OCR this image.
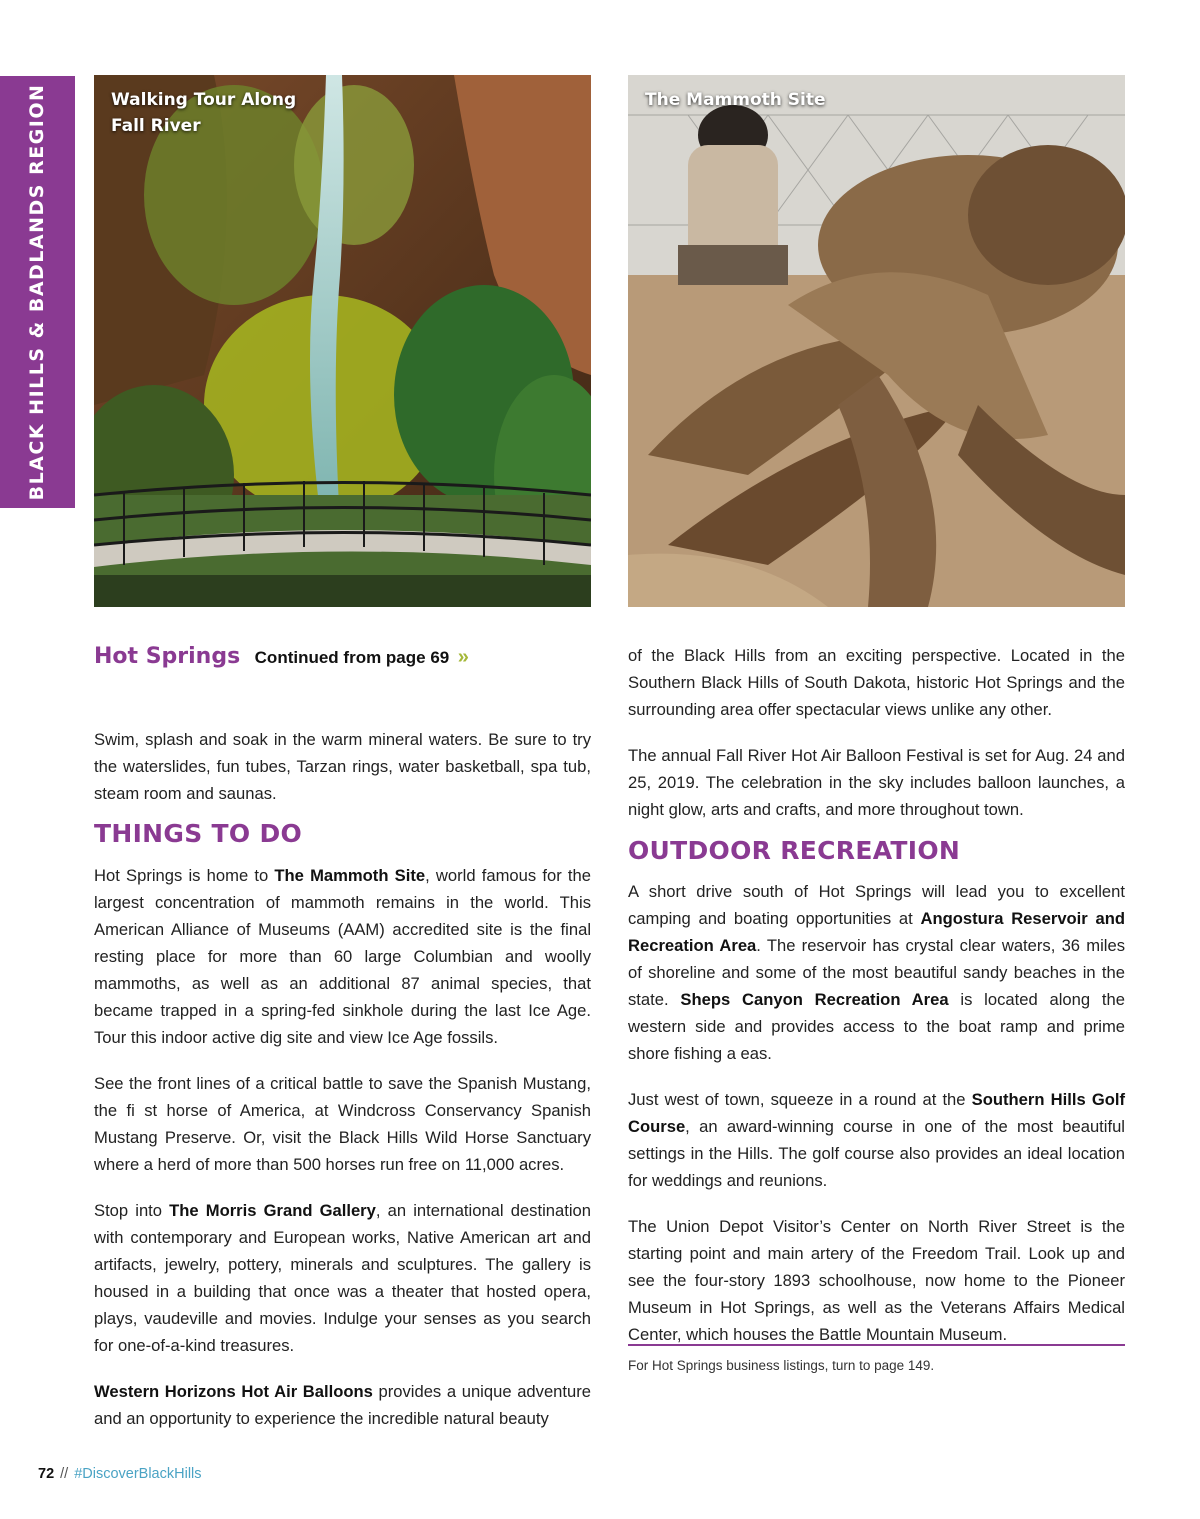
BLACK HILLS & BADLANDS REGION	Walking Tour Along
Fall River
The Mammoth Site
Hot Springs Continued from page 69 »

Swim, splash and soak in the warm mineral waters. Be sure to try the waterslides, fun tubes, Tarzan rings, water basketball, spa tub, steam room and saunas.

THINGS TO DO

Hot Springs is home to The Mammoth Site, world famous for the largest concentration of mammoth remains in the world. This American Alliance of Museums (AAM) accredited site is the final resting place for more than 60 large Columbian and woolly mammoths, as well as an additional 87 animal species, that became trapped in a spring-fed sinkhole during the last Ice Age. Tour this indoor active dig site and view Ice Age fossils.

See the front lines of a critical battle to save the Spanish Mustang, the fi st horse of America, at Windcross Conservancy Spanish Mustang Preserve. Or, visit the Black Hills Wild Horse Sanctuary where a herd of more than 500 horses run free on 11,000 acres.

Stop into The Morris Grand Gallery, an international destination with contemporary and European works, Native American art and artifacts, jewelry, pottery, minerals and sculptures. The gallery is housed in a building that once was a theater that hosted opera, plays, vaudeville and movies. Indulge your senses as you search for one-of-a-kind treasures.

Western Horizons Hot Air Balloons provides a unique adventure and an opportunity to experience the incredible natural beauty

of the Black Hills from an exciting perspective. Located in the Southern Black Hills of South Dakota, historic Hot Springs and the surrounding area offer spectacular views unlike any other.

The annual Fall River Hot Air Balloon Festival is set for Aug. 24 and 25, 2019. The celebration in the sky includes balloon launches, a night glow, arts and crafts, and more throughout town.

OUTDOOR RECREATION

A short drive south of Hot Springs will lead you to excellent camping and boating opportunities at Angostura Reservoir and Recreation Area. The reservoir has crystal clear waters, 36 miles of shoreline and some of the most beautiful sandy beaches in the state. Sheps Canyon Recreation Area is located along the western side and provides access to the boat ramp and prime shore fishing a eas.

Just west of town, squeeze in a round at the Southern Hills Golf Course, an award-winning course in one of the most beautiful settings in the Hills. The golf course also provides an ideal location for weddings and reunions.

The Union Depot Visitor’s Center on North River Street is the starting point and main artery of the Freedom Trail. Look up and see the four-story 1893 schoolhouse, now home to the Pioneer Museum in Hot Springs, as well as the Veterans Affairs Medical Center, which houses the Battle Mountain Museum.

For Hot Springs business listings, turn to page 149.
72 // #DiscoverBlackHills
